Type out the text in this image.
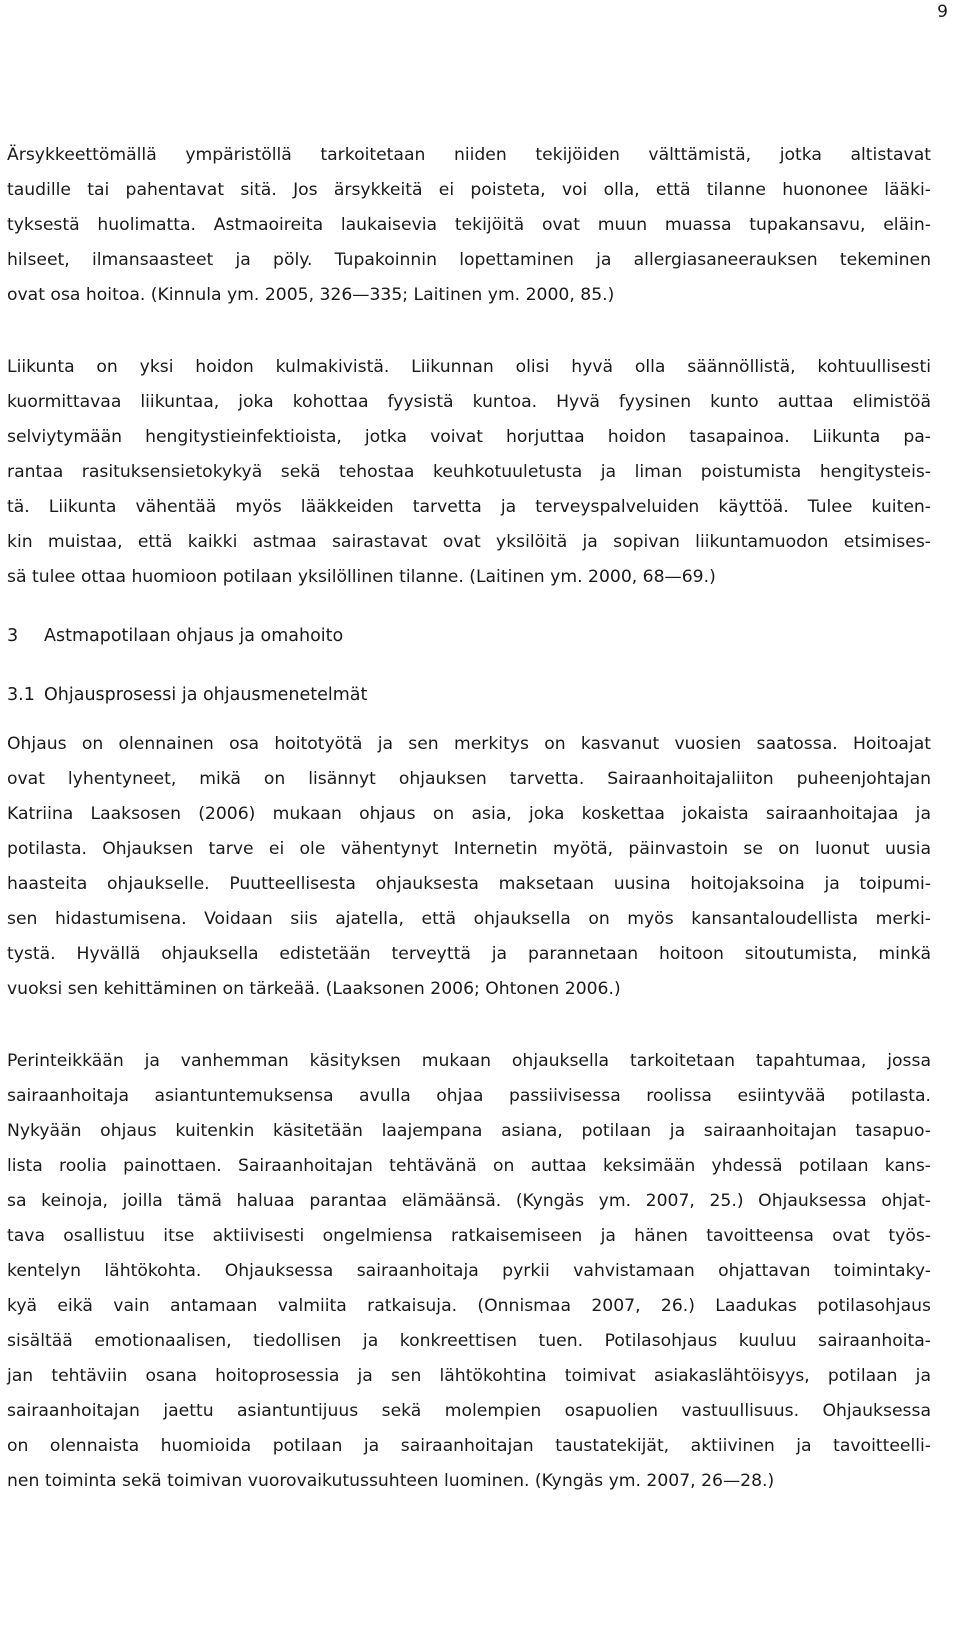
9
Ärsykkeettömällä ympäristöllä tarkoitetaan niiden tekijöiden välttämistä, jotka altistavat
taudille tai pahentavat sitä. Jos ärsykkeitä ei poisteta, voi olla, että tilanne huononee lääki-
tyksestä huolimatta. Astmaoireita laukaisevia tekijöitä ovat muun muassa tupakansavu, eläin-
hilseet, ilmansaasteet ja pöly. Tupakoinnin lopettaminen ja allergiasaneerauksen tekeminen
ovat osa hoitoa. (Kinnula ym. 2005, 326—335; Laitinen ym. 2000, 85.)
Liikunta on yksi hoidon kulmakivistä. Liikunnan olisi hyvä olla säännöllistä, kohtuullisesti
kuormittavaa liikuntaa, joka kohottaa fyysistä kuntoa. Hyvä fyysinen kunto auttaa elimistöä
selviytymään hengitystieinfektioista, jotka voivat horjuttaa hoidon tasapainoa. Liikunta pa-
rantaa rasituksensietokykyä sekä tehostaa keuhkotuuletusta ja liman poistumista hengitysteis-
tä. Liikunta vähentää myös lääkkeiden tarvetta ja terveyspalveluiden käyttöä. Tulee kuiten-
kin muistaa, että kaikki astmaa sairastavat ovat yksilöitä ja sopivan liikuntamuodon etsimises-
sä tulee ottaa huomioon potilaan yksilöllinen tilanne. (Laitinen ym. 2000, 68—69.)
3 Astmapotilaan ohjaus ja omahoito
3.1 Ohjausprosessi ja ohjausmenetelmät
Ohjaus on olennainen osa hoitotyötä ja sen merkitys on kasvanut vuosien saatossa. Hoitoajat
ovat lyhentyneet, mikä on lisännyt ohjauksen tarvetta. Sairaanhoitajaliiton puheenjohtajan
Katriina Laaksosen (2006) mukaan ohjaus on asia, joka koskettaa jokaista sairaanhoitajaa ja
potilasta. Ohjauksen tarve ei ole vähentynyt Internetin myötä, päinvastoin se on luonut uusia
haasteita ohjaukselle. Puutteellisesta ohjauksesta maksetaan uusina hoitojaksoina ja toipumi-
sen hidastumisena. Voidaan siis ajatella, että ohjauksella on myös kansantaloudellista merki-
tystä. Hyvällä ohjauksella edistetään terveyttä ja parannetaan hoitoon sitoutumista, minkä
vuoksi sen kehittäminen on tärkeää. (Laaksonen 2006; Ohtonen 2006.)
Perinteikkään ja vanhemman käsityksen mukaan ohjauksella tarkoitetaan tapahtumaa, jossa
sairaanhoitaja asiantuntemuksensa avulla ohjaa passiivisessa roolissa esiintyvää potilasta.
Nykyään ohjaus kuitenkin käsitetään laajempana asiana, potilaan ja sairaanhoitajan tasapuo-
lista roolia painottaen. Sairaanhoitajan tehtävänä on auttaa keksimään yhdessä potilaan kans-
sa keinoja, joilla tämä haluaa parantaa elämäänsä. (Kyngäs ym. 2007, 25.) Ohjauksessa ohjat-
tava osallistuu itse aktiivisesti ongelmiensa ratkaisemiseen ja hänen tavoitteensa ovat työs-
kentelyn lähtökohta. Ohjauksessa sairaanhoitaja pyrkii vahvistamaan ohjattavan toimintaky-
kyä eikä vain antamaan valmiita ratkaisuja. (Onnismaa 2007, 26.) Laadukas potilasohjaus
sisältää emotionaalisen, tiedollisen ja konkreettisen tuen. Potilasohjaus kuuluu sairaanhoita-
jan tehtäviin osana hoitoprosessia ja sen lähtökohtina toimivat asiakaslähtöisyys, potilaan ja
sairaanhoitajan jaettu asiantuntijuus sekä molempien osapuolien vastuullisuus. Ohjauksessa
on olennaista huomioida potilaan ja sairaanhoitajan taustatekijät, aktiivinen ja tavoitteelli-
nen toiminta sekä toimivan vuorovaikutussuhteen luominen. (Kyngäs ym. 2007, 26—28.)
